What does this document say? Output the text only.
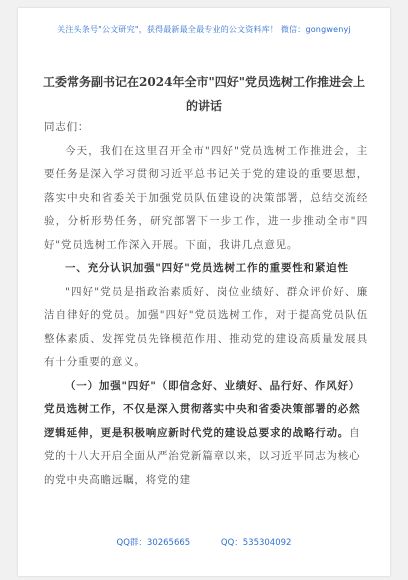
关注头条号"公文研究"，获得最新最全最专业的公文资料库！ 微信：gongwenyj
工委常务副书记在2024年全市"四好"党员选树工作推进会上的讲话

同志们：

今天，我们在这里召开全市"四好"党员选树工作推进会，主要任务是深入学习贯彻习近平总书记关于党的建设的重要思想，落实中央和省委关于加强党员队伍建设的决策部署，总结交流经验，分析形势任务，研究部署下一步工作，进一步推动全市"四好"党员选树工作深入开展。下面，我讲几点意见。

一、充分认识加强"四好"党员选树工作的重要性和紧迫性

"四好"党员是指政治素质好、岗位业绩好、群众评价好、廉洁自律好的党员。加强"四好"党员选树工作，对于提高党员队伍整体素质、发挥党员先锋模范作用、推动党的建设高质量发展具有十分重要的意义。

（一）加强"四好"（即信念好、业绩好、品行好、作风好）党员选树工作，不仅是深入贯彻落实中央和省委决策部署的必然逻辑延伸，更是积极响应新时代党的建设总要求的战略行动。自党的十八大开启全面从严治党新篇章以来，以习近平同志为核心的党中央高瞻远瞩，将党的建

QQ群：30265665	QQ：535304092
